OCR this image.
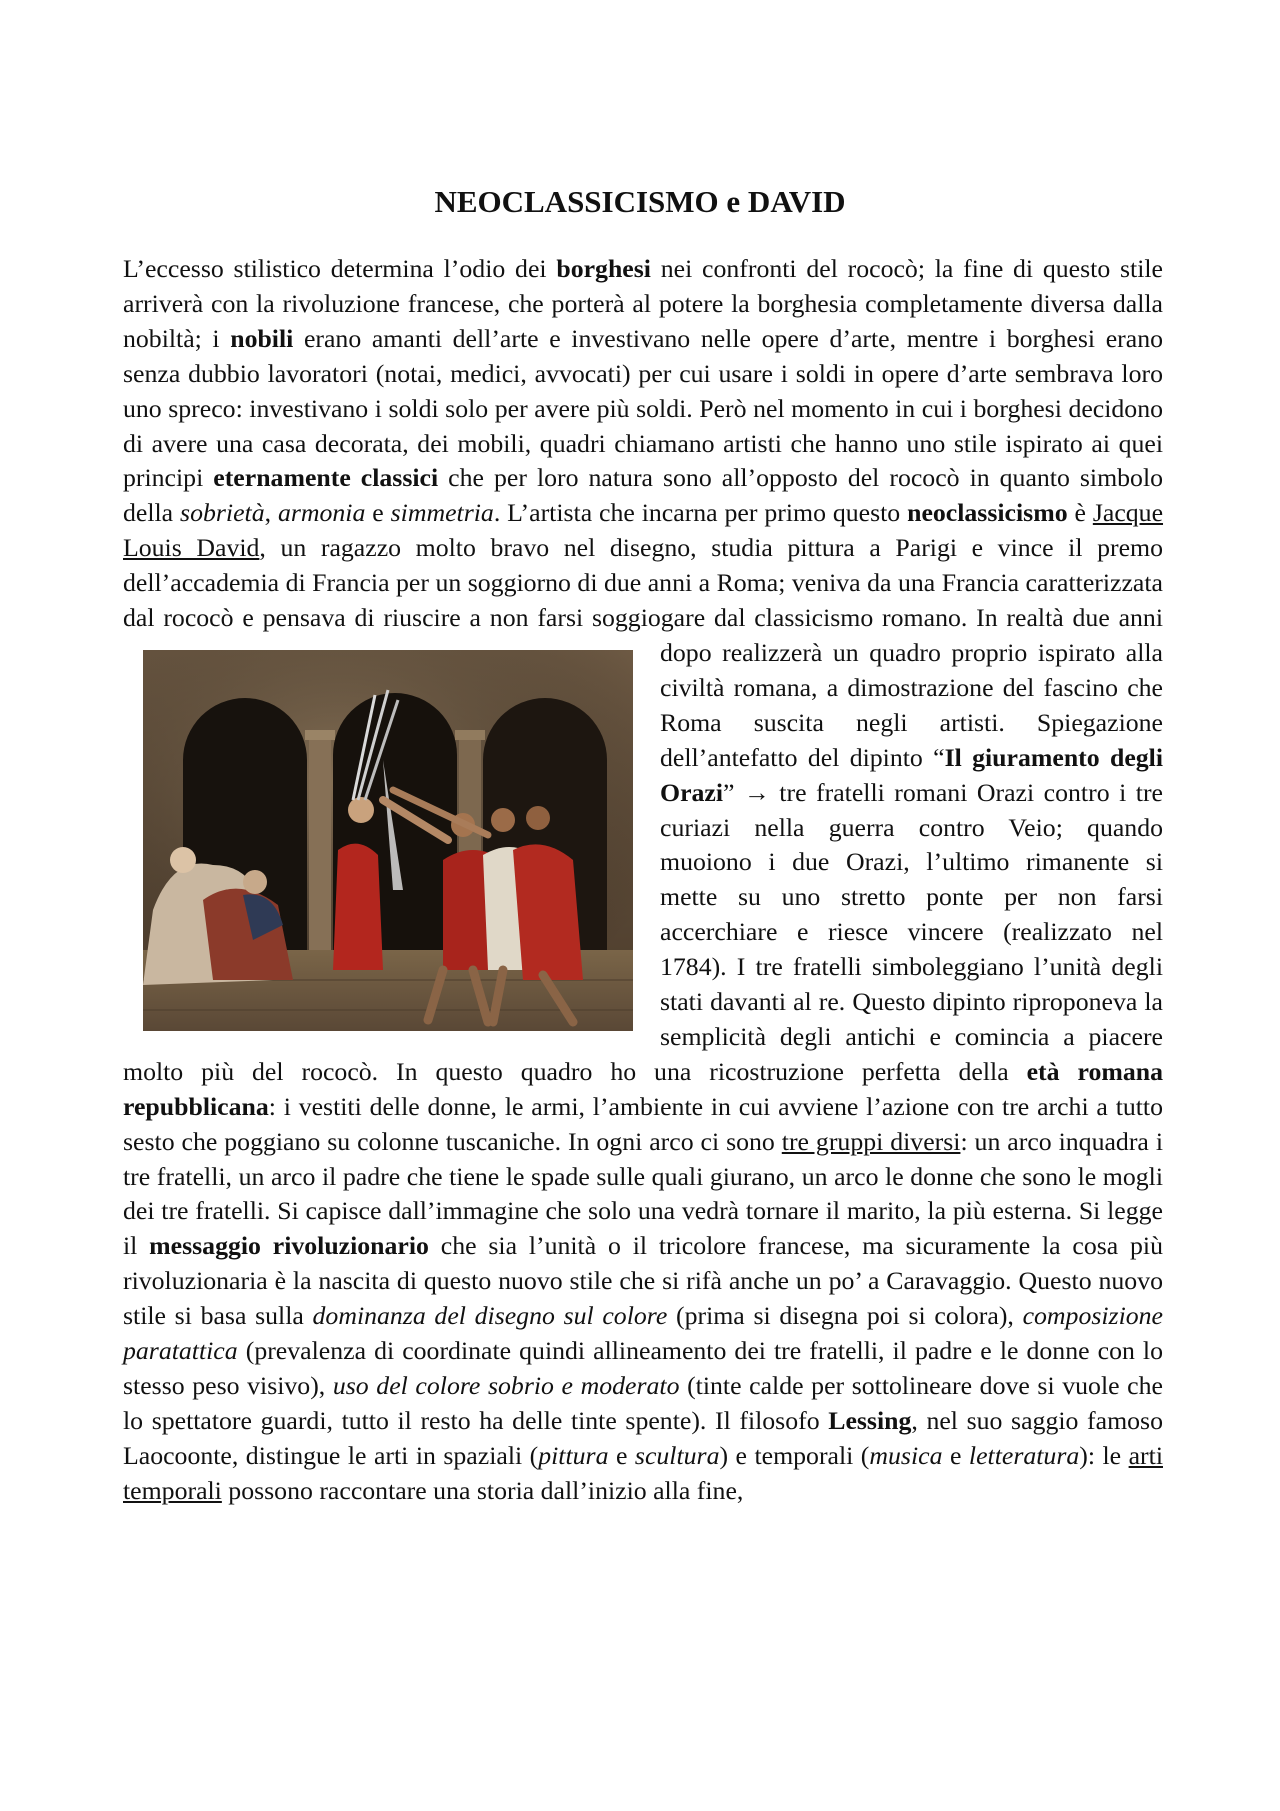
NEOCLASSICISMO e DAVID

L’eccesso stilistico determina l’odio dei borghesi nei confronti del rococò; la fine di questo stile arriverà con la rivoluzione francese, che porterà al potere la borghesia completamente diversa dalla nobiltà; i nobili erano amanti dell’arte e investivano nelle opere d’arte, mentre i borghesi erano senza dubbio lavoratori (notai, medici, avvocati) per cui usare i soldi in opere d’arte sembrava loro uno spreco: investivano i soldi solo per avere più soldi. Però nel momento in cui i borghesi decidono di avere una casa decorata, dei mobili, quadri chiamano artisti che hanno uno stile ispirato ai quei principi eternamente classici che per loro natura sono all’opposto del rococò in quanto simbolo della sobrietà, armonia e simmetria. L’artista che incarna per primo questo neoclassicismo è Jacque Louis David, un ragazzo molto bravo nel disegno, studia pittura a Parigi e vince il premo dell’accademia di Francia per un soggiorno di due anni a Roma; veniva da una Francia caratterizzata dal rococò e pensava di riuscire a non farsi soggiogare dal classicismo romano. In realtà due anni dopo
realizzerà un quadro proprio ispirato alla civiltà romana, a dimostrazione del fascino che Roma suscita negli artisti. Spiegazione dell’antefatto del dipinto “Il giuramento degli Orazi” → tre fratelli romani Orazi contro i tre curiazi nella guerra contro Veio; quando muoiono i due Orazi, l’ultimo rimanente si mette su uno stretto ponte per non farsi accerchiare e riesce vincere (realizzato nel 1784). I tre fratelli simboleggiano l’unità degli stati davanti al re. Questo dipinto riproponeva la semplicità degli antichi e comincia a piacere molto più del rococò. In questo quadro ho una ricostruzione perfetta della età romana repubblicana: i vestiti delle donne, le armi, l’ambiente in cui avviene l’azione con tre archi a tutto sesto che poggiano su colonne tuscaniche. In ogni arco ci sono tre gruppi diversi: un arco inquadra i tre fratelli, un arco il padre che tiene le spade sulle quali giurano, un arco le donne che sono le mogli dei tre fratelli. Si capisce dall’immagine che solo una vedrà tornare il marito, la più esterna. Si legge il messaggio rivoluzionario che sia l’unità o il tricolore francese, ma sicuramente la cosa più rivoluzionaria è la nascita di questo nuovo stile che si rifà anche un po’ a Caravaggio. Questo nuovo stile si basa sulla dominanza del disegno sul colore (prima si disegna poi si colora), composizione paratattica (prevalenza di coordinate quindi allineamento dei tre fratelli, il padre e le donne con lo stesso peso visivo), uso del colore sobrio e moderato (tinte calde per sottolineare dove si vuole che lo spettatore guardi, tutto il resto ha delle tinte spente). Il filosofo Lessing, nel suo saggio famoso Laocoonte, distingue le arti in spaziali (pittura e scultura) e temporali (musica e letteratura): le arti temporali possono raccontare una storia dall’inizio alla fine,
